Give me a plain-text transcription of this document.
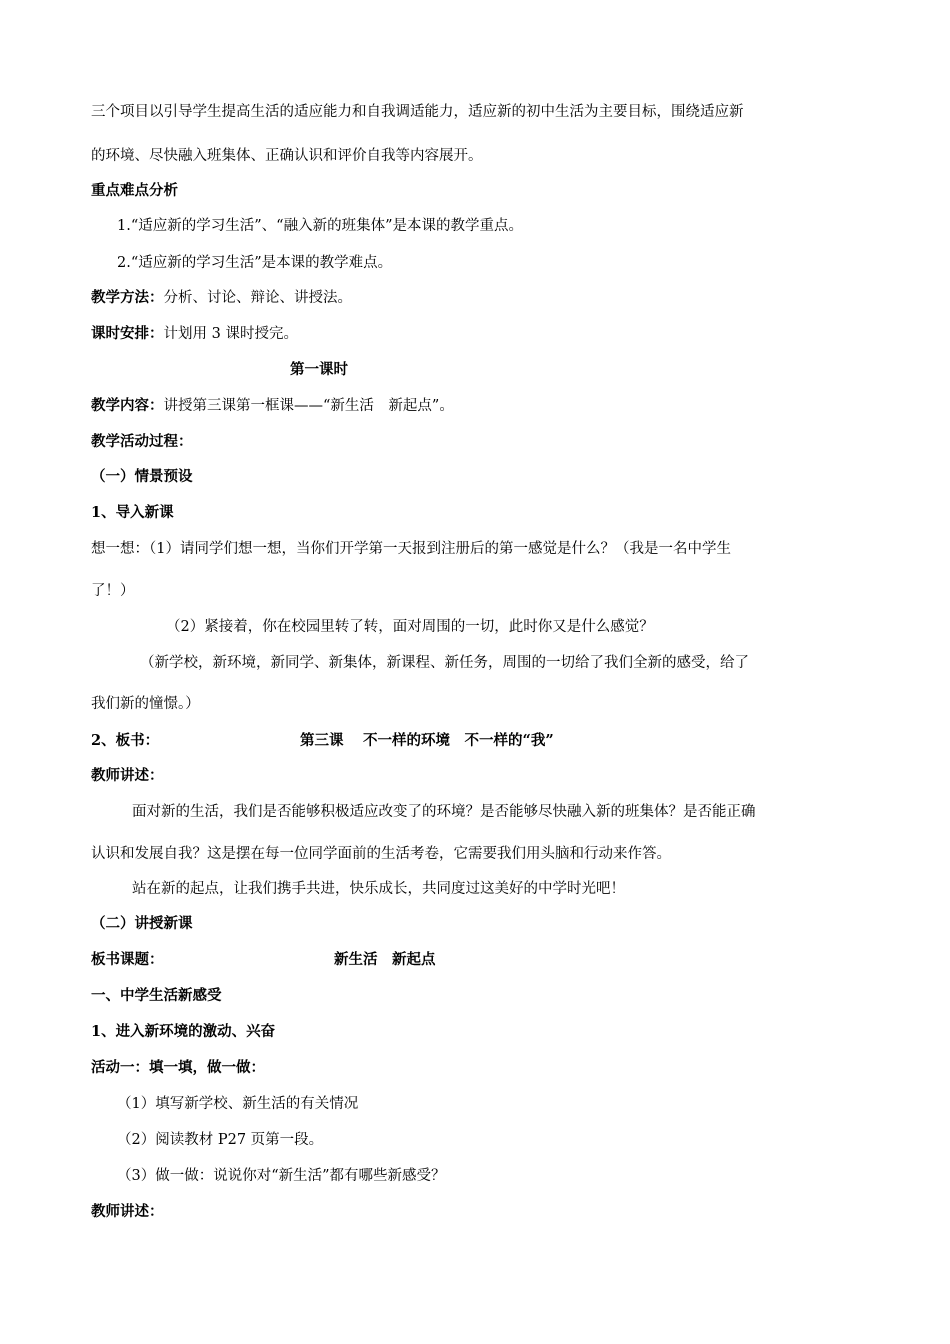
三个项目以引导学生提高生活的适应能力和自我调适能力，适应新的初中生活为主要目标，围绕适应新
的环境、尽快融入班集体、正确认识和评价自我等内容展开。
重点难点分析
1.“适应新的学习生活”、“融入新的班集体”是本课的教学重点。
2.“适应新的学习生活”是本课的教学难点。
教学方法：分析、讨论、辩论、讲授法。
课时安排：计划用 3 课时授完。
第一课时
教学内容：讲授第三课第一框课——“新生活　新起点”。
教学活动过程：
（一）情景预设
1、导入新课
想一想：（1）请同学们想一想，当你们开学第一天报到注册后的第一感觉是什么？（我是一名中学生
了！）
（2）紧接着，你在校园里转了转，面对周围的一切，此时你又是什么感觉？
（新学校，新环境，新同学、新集体，新课程、新任务，周围的一切给了我们全新的感受，给了
我们新的憧憬。）
2、板书：	第三课　 不一样的环境　不一样的“我”
教师讲述：
面对新的生活，我们是否能够积极适应改变了的环境？是否能够尽快融入新的班集体？是否能正确
认识和发展自我？这是摆在每一位同学面前的生活考卷，它需要我们用头脑和行动来作答。
站在新的起点，让我们携手共进，快乐成长，共同度过这美好的中学时光吧！
（二）讲授新课
板书课题：	新生活　新起点
一、中学生活新感受
1、进入新环境的激动、兴奋
活动一：填一填，做一做：
（1）填写新学校、新生活的有关情况
（2）阅读教材 P27 页第一段。
（3）做一做：说说你对“新生活”都有哪些新感受？
教师讲述：
